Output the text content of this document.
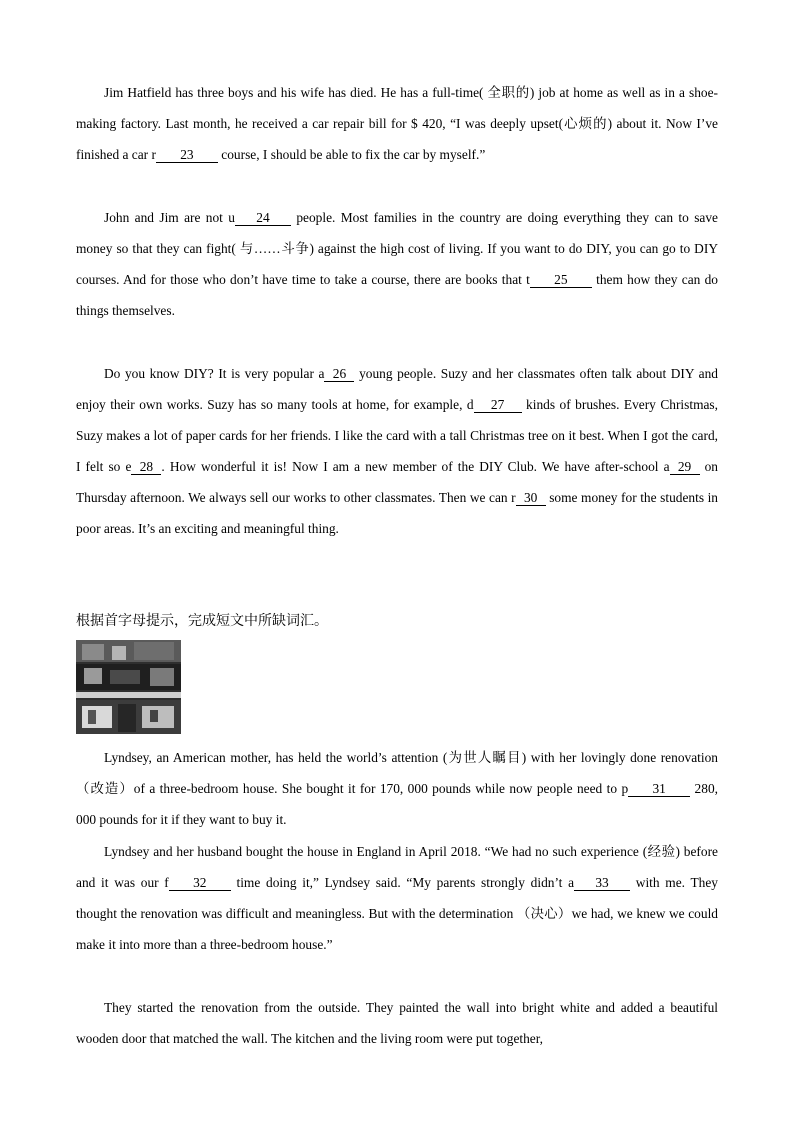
Jim Hatfield has three boys and his wife has died. He has a full-time( 全职的) job at home as well as in a shoe-making factory. Last month, he received a car repair bill for $ 420, “I was deeply upset(心烦的) about it. Now I’ve finished a car r 23 course, I should be able to fix the car by myself.”

John and Jim are not u 24 people. Most families in the country are doing everything they can to save money so that they can fight( 与……斗争) against the high cost of living. If you want to do DIY, you can go to DIY courses. And for those who don’t have time to take a course, there are books that t 25 them how they can do things themselves.

Do you know DIY? It is very popular a 26 young people. Suzy and her classmates often talk about DIY and enjoy their own works. Suzy has so many tools at home, for example, d 27 kinds of brushes. Every Christmas, Suzy makes a lot of paper cards for her friends. I like the card with a tall Christmas tree on it best. When I got the card, I felt so e 28 . How wonderful it is! Now I am a new member of the DIY Club. We have after-school a 29 on Thursday afternoon. We always sell our works to other classmates. Then we can r 30 some money for the students in poor areas. It’s an exciting and meaningful thing.

根据首字母提示，完成短文中所缺词汇。

Lyndsey, an American mother, has held the world’s attention (为世人瞩目) with her lovingly done renovation （改造）of a three-bedroom house. She bought it for 170, 000 pounds while now people need to p 31 280, 000 pounds for it if they want to buy it.

Lyndsey and her husband bought the house in England in April 2018. “We had no such experience (经验) before and it was our f 32 time doing it,” Lyndsey said. “My parents strongly didn’t a 33 with me. They thought the renovation was difficult and meaningless. But with the determination （决心）we had, we knew we could make it into more than a three-bedroom house.”

They started the renovation from the outside. They painted the wall into bright white and added a beautiful wooden door that matched the wall. The kitchen and the living room were put together,
